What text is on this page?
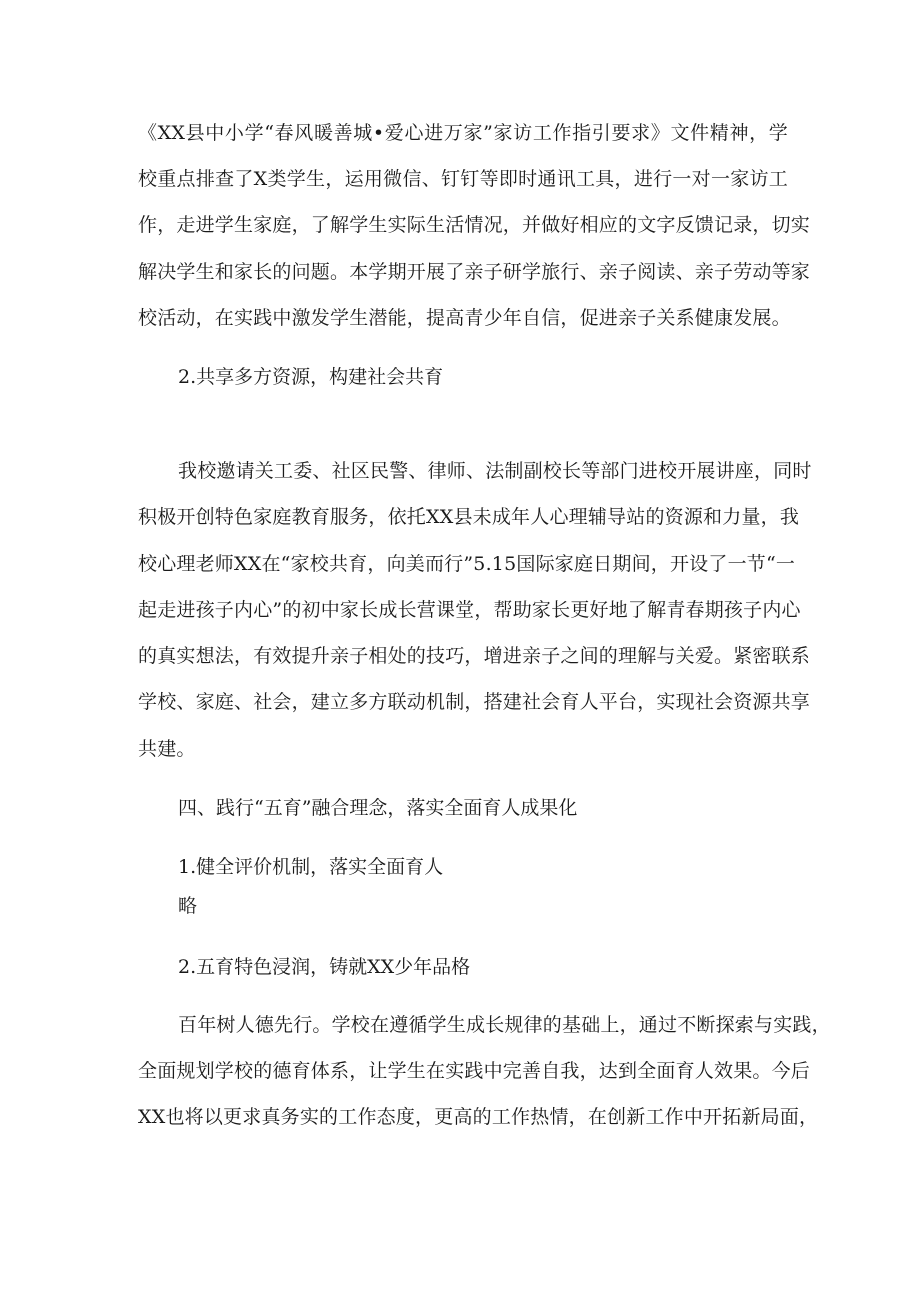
《XX县中小学“春风暖善城•爱心进万家”家访工作指引要求》文件精神，学
校重点排查了X类学生，运用微信、钉钉等即时通讯工具，进行一对一家访工
作，走进学生家庭，了解学生实际生活情况，并做好相应的文字反馈记录，切实
解决学生和家长的问题。本学期开展了亲子研学旅行、亲子阅读、亲子劳动等家
校活动，在实践中激发学生潜能，提高青少年自信，促进亲子关系健康发展。
2.共享多方资源，构建社会共育
我校邀请关工委、社区民警、律师、法制副校长等部门进校开展讲座，同时
积极开创特色家庭教育服务，依托XX县未成年人心理辅导站的资源和力量，我
校心理老师XX在“家校共育，向美而行”5.15国际家庭日期间，开设了一节“一
起走进孩子内心”的初中家长成长营课堂，帮助家长更好地了解青春期孩子内心
的真实想法，有效提升亲子相处的技巧，增进亲子之间的理解与关爱。紧密联系
学校、家庭、社会，建立多方联动机制，搭建社会育人平台，实现社会资源共享
共建。
四、践行“五育”融合理念，落实全面育人成果化
1.健全评价机制，落实全面育人
略
2.五育特色浸润，铸就XX少年品格
百年树人德先行。学校在遵循学生成长规律的基础上，通过不断探索与实践，
全面规划学校的德育体系，让学生在实践中完善自我，达到全面育人效果。今后
XX也将以更求真务实的工作态度，更高的工作热情，在创新工作中开拓新局面，
